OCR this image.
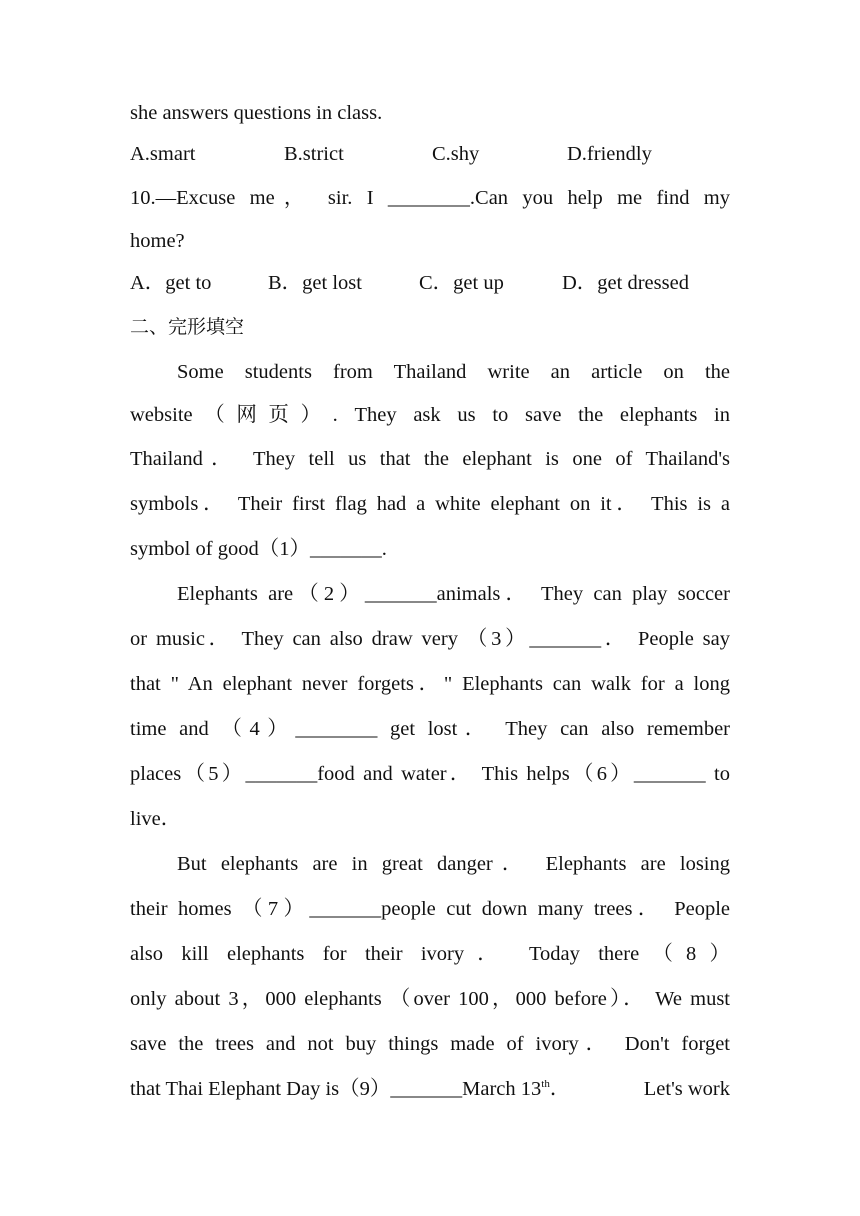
she answers questions in class.
A.smart	B.strict	C.shy	D.friendly
10.—Excuse me， sir. I ________.Can you help me find my
home?
A．get to	B．get lost	C．get up	D．get dressed
二、完形填空
Some students from Thailand write an article on the
website（网页）. They ask us to save the elephants in
Thailand． They tell us that the elephant is one of Thailand's
symbols． Their first flag had a white elephant on it． This is a
symbol of good（1）_______.
Elephants are（2）_______animals． They can play soccer
or music． They can also draw very （3）_______． People say
that " An elephant never forgets．" Elephants can walk for a long
time and （4）________ get lost． They can also remember
places（5）_______food and water． This helps（6）_______ to
live．
But elephants are in great danger． Elephants are losing
their homes （7）_______people cut down many trees． People
also kill elephants for their ivory． Today there（8）
only about 3，000 elephants （over 100，000 before）． We must
save the trees and not buy things made of ivory． Don't forget
that Thai Elephant Day is（9）_______March 13th．	Let's work
